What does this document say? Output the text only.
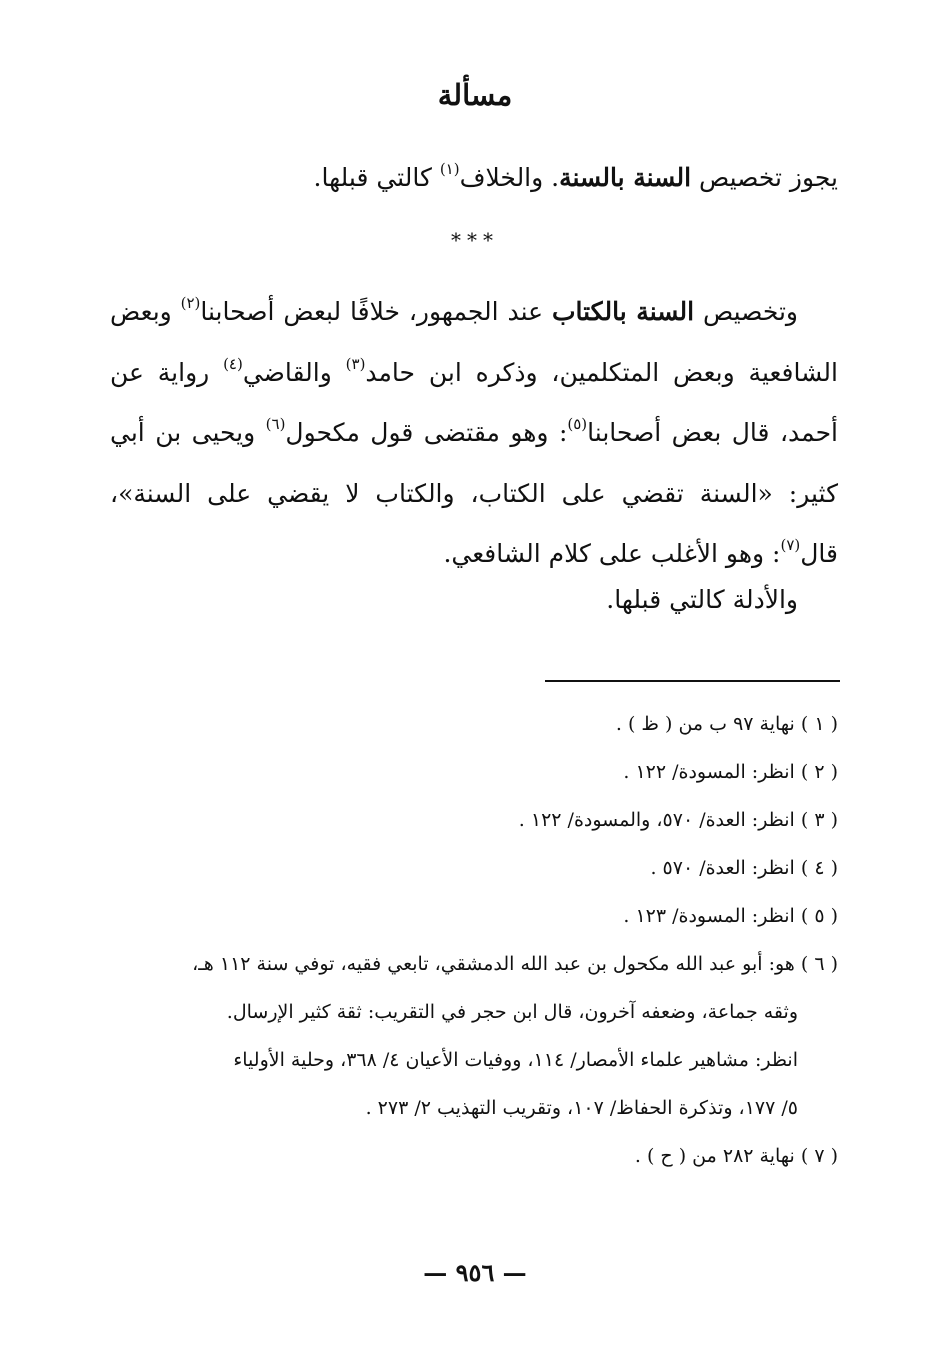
مسألة
يجوز تخصيص السنة بالسنة. والخلاف$^{(١)}$ كالتي قبلها.
***
وتخصيص السنة بالكتاب عند الجمهور، خلافًا لبعض أصحابنا$^{(٢)}$ وبعض الشافعية وبعض المتكلمين، وذكره ابن حامد$^{(٣)}$ والقاضي$^{(٤)}$ رواية عن أحمد، قال بعض أصحابنا$^{(٥)}$: وهو مقتضى قول مكحول$^{(٦)}$ ويحيى بن أبي كثير: «السنة تقضي على الكتاب، والكتاب لا يقضي على السنة»، قال$^{(٧)}$: وهو الأغلب على كلام الشافعي.
والأدلة كالتي قبلها.
( ١ ) نهاية ٩٧ ب من ( ظ ) .
( ٢ ) انظر: المسودة/ ١٢٢ .
( ٣ ) انظر: العدة/ ٥٧٠، والمسودة/ ١٢٢ .
( ٤ ) انظر: العدة/ ٥٧٠ .
( ٥ ) انظر: المسودة/ ١٢٣ .
( ٦ ) هو: أبو عبد الله مكحول بن عبد الله الدمشقي، تابعي فقيه، توفي سنة ١١٢ هـ،
وثقه جماعة، وضعفه آخرون، قال ابن حجر في التقريب: ثقة كثير الإرسال.
انظر: مشاهير علماء الأمصار/ ١١٤، ووفيات الأعيان ٤/ ٣٦٨، وحلية الأولياء
٥/ ١٧٧، وتذكرة الحفاظ/ ١٠٧، وتقريب التهذيب ٢/ ٢٧٣ .
( ٧ ) نهاية ٢٨٢ من ( ح ) .
— ٩٥٦ —
